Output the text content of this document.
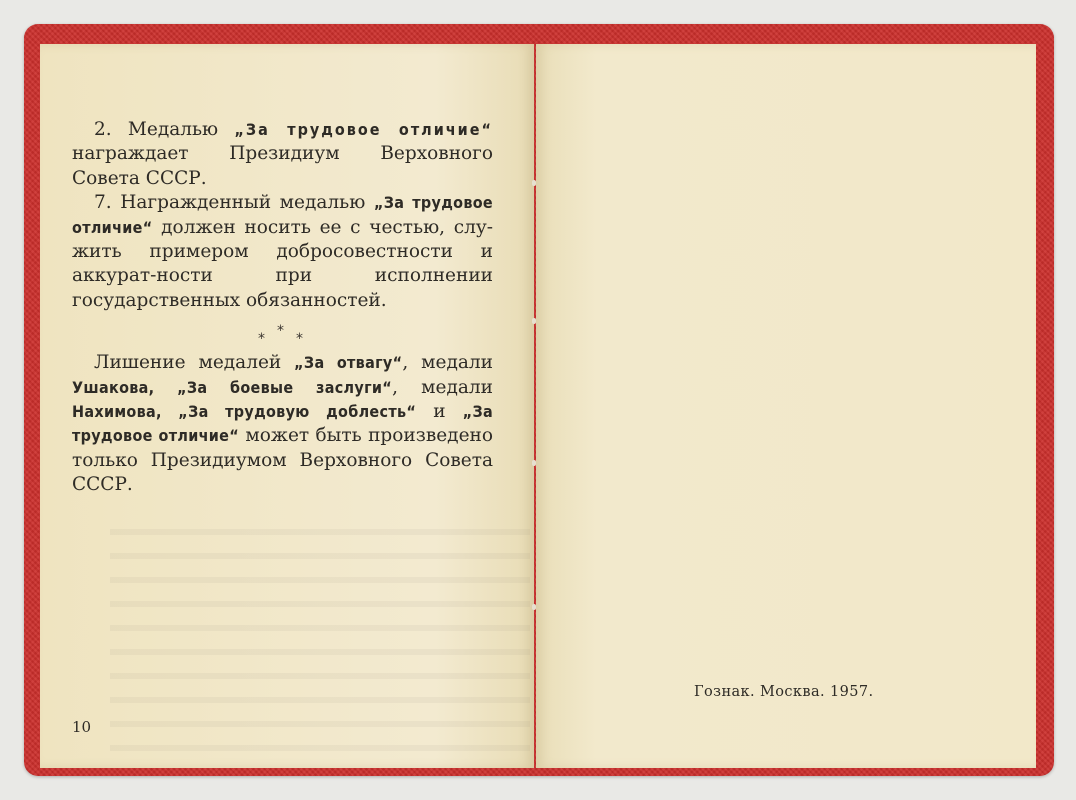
2. Медалью „За трудовое отличие“ награждает Президиум Верховного Совета СССР.

7. Награжденный медалью „За трудовое отличие“ должен носить ее с честью, слу-жить примером добросовестности и аккурат-ности при исполнении государственных обязанностей.

* * *

Лишение медалей „За отвагу“, медали Ушакова, „За боевые заслуги“, медали Нахимова, „За трудовую доблесть“ и „За трудовое отличие“ может быть произведено только Президиумом Верховного Совета СССР.

10
Гознак. Москва. 1957.
